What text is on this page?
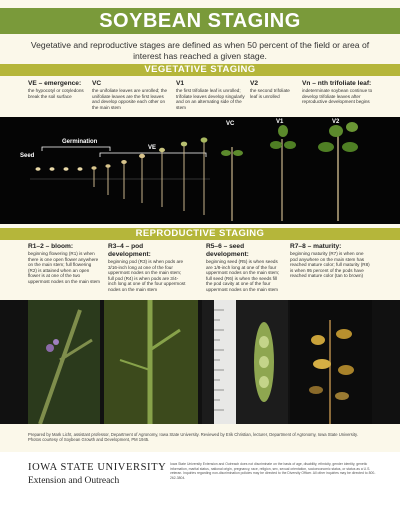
SOYBEAN STAGING
Vegetative and reproductive stages are defined as when 50 percent of the field or area of interest has reached a given stage.
VEGETATIVE STAGING
VE – emergence:

the hypocotyl or cotyledons break the soil surface

VC

the unifoliate leaves are unrolled; the unifoliate leaves are the first leaves and develop opposite each other on the main stem

V1

the first trifoliate leaf is unrolled; trifoliate leaves develop singularly and on an alternating side of the stem

V2

the second trifoliate leaf is unrolled

Vn – nth trifoliate leaf:

indeterminate soybean continue to develop trifoliate leaves after reproductive development begins

Germination
VE
VC	V1	V2
Seed
REPRODUCTIVE STAGING
R1–2 – bloom:

beginning flowering (R1) is when there is one open flower anywhere on the main stem; full flowering (R2) is attained when an open flower is at one of the two uppermost nodes on the main stem

R3–4 – pod development:

beginning pod (R3) is when pods are 3/16-inch long at one of the four uppermost nodes on the main stem; full pod (R4) is when pods are 3/4-inch long at one of the four uppermost nodes on the main stem

R5–6 – seed development:

beginning seed (R5) is when seeds are 1/8-inch long at one of the four uppermost nodes on the main stem; full seed (R6) is when the seeds fill the pod cavity at one of the four uppermost nodes on the main stem

R7–8 – maturity:

beginning maturity (R7) is when one pod anywhere on the main stem has reached mature color; full maturity (R8) is when 95 percent of the pods have reached mature color (tan to brown)

Prepared by Mark Licht, assistant professor, Department of Agronomy, Iowa State University. Reviewed by Erik Christian, lecturer, Department of Agronomy, Iowa State University. Photos courtesy of Soybean Growth and Development, PM 1945.
IOWA STATE UNIVERSITY
Extension and Outreach
Iowa State University Extension and Outreach does not discriminate on the basis of age, disability, ethnicity, gender identity, genetic information, marital status, national origin, pregnancy, race, religion, sex, sexual orientation, socioeconomic status, or status as a U.S. veteran. Inquiries regarding non-discrimination policies may be directed to the Diversity Officer. All other inquiries may be directed to 800-262-3804.
